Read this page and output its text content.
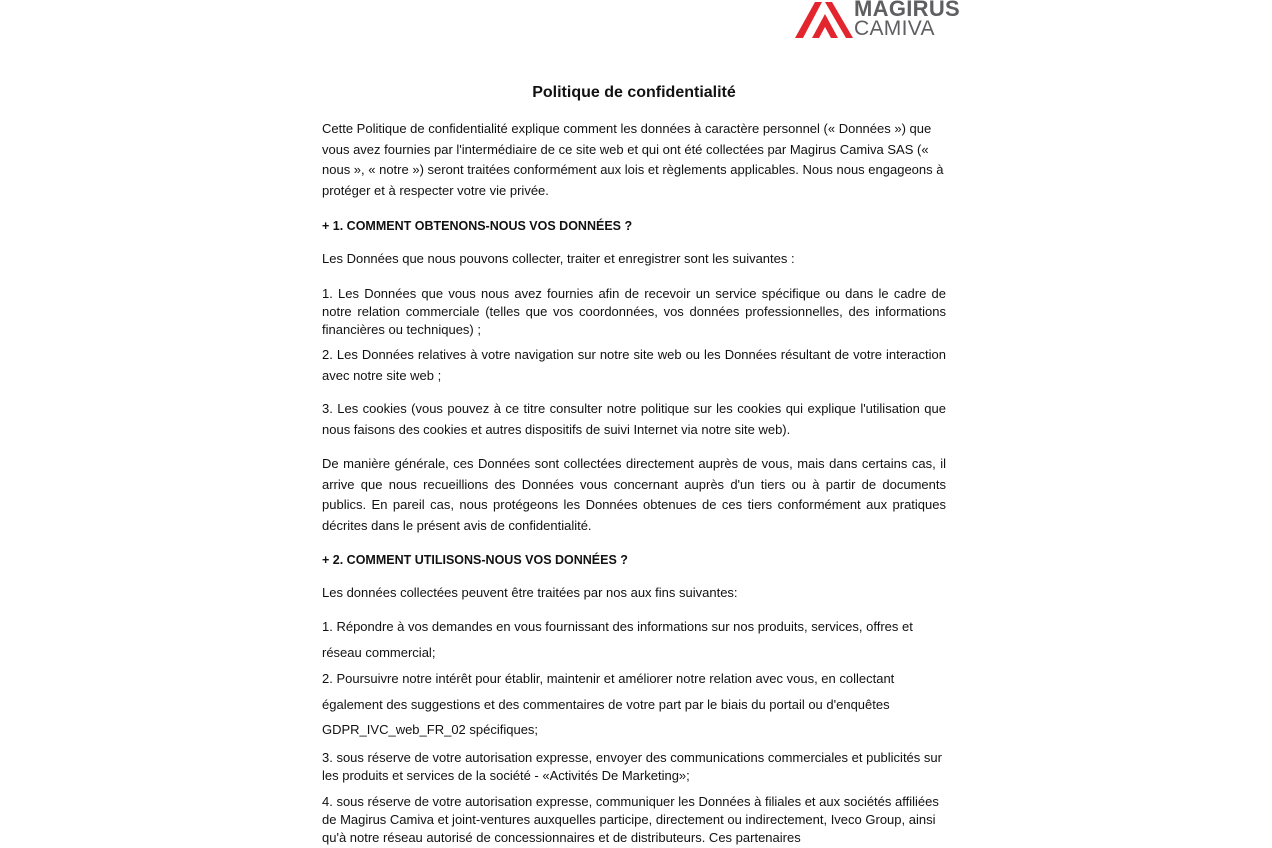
MAGIRUS
CAMIVA
Politique de confidentialité

Cette Politique de confidentialité explique comment les données à caractère personnel (« Données ») que vous avez fournies par l'intermédiaire de ce site web et qui ont été collectées par Magirus Camiva SAS (« nous », « notre ») seront traitées conformément aux lois et règlements applicables. Nous nous engageons à protéger et à respecter votre vie privée.

+ 1. COMMENT OBTENONS-NOUS VOS DONNÉES ?

Les Données que nous pouvons collecter, traiter et enregistrer sont les suivantes :

1. Les Données que vous nous avez fournies afin de recevoir un service spécifique ou dans le cadre de notre relation commerciale (telles que vos coordonnées, vos données professionnelles, des informations financières ou techniques) ;

2. Les Données relatives à votre navigation sur notre site web ou les Données résultant de votre interaction avec notre site web ;

3. Les cookies (vous pouvez à ce titre consulter notre politique sur les cookies qui explique l'utilisation que nous faisons des cookies et autres dispositifs de suivi Internet via notre site web).

De manière générale, ces Données sont collectées directement auprès de vous, mais dans certains cas, il arrive que nous recueillions des Données vous concernant auprès d'un tiers ou à partir de documents publics. En pareil cas, nous protégeons les Données obtenues de ces tiers conformément aux pratiques décrites dans le présent avis de confidentialité.

+ 2. COMMENT UTILISONS-NOUS VOS DONNÉES ?

Les données collectées peuvent être traitées par nos aux fins suivantes:

1. Répondre à vos demandes en vous fournissant des informations sur nos produits, services, offres et

réseau commercial;

2. Poursuivre notre intérêt pour établir, maintenir et améliorer notre relation avec vous, en collectant

également des suggestions et des commentaires de votre part par le biais du portail ou d'enquêtes

GDPR_IVC_web_FR_02 spécifiques;

3. sous réserve de votre autorisation expresse, envoyer des communications commerciales et publicités sur les produits et services de la société - «Activités De Marketing»;

4. sous réserve de votre autorisation expresse, communiquer les Données à filiales et aux sociétés affiliées de Magirus Camiva et joint-ventures auxquelles participe, directement ou indirectement, Iveco Group, ainsi qu'à notre réseau autorisé de concessionnaires et de distributeurs. Ces partenaires
